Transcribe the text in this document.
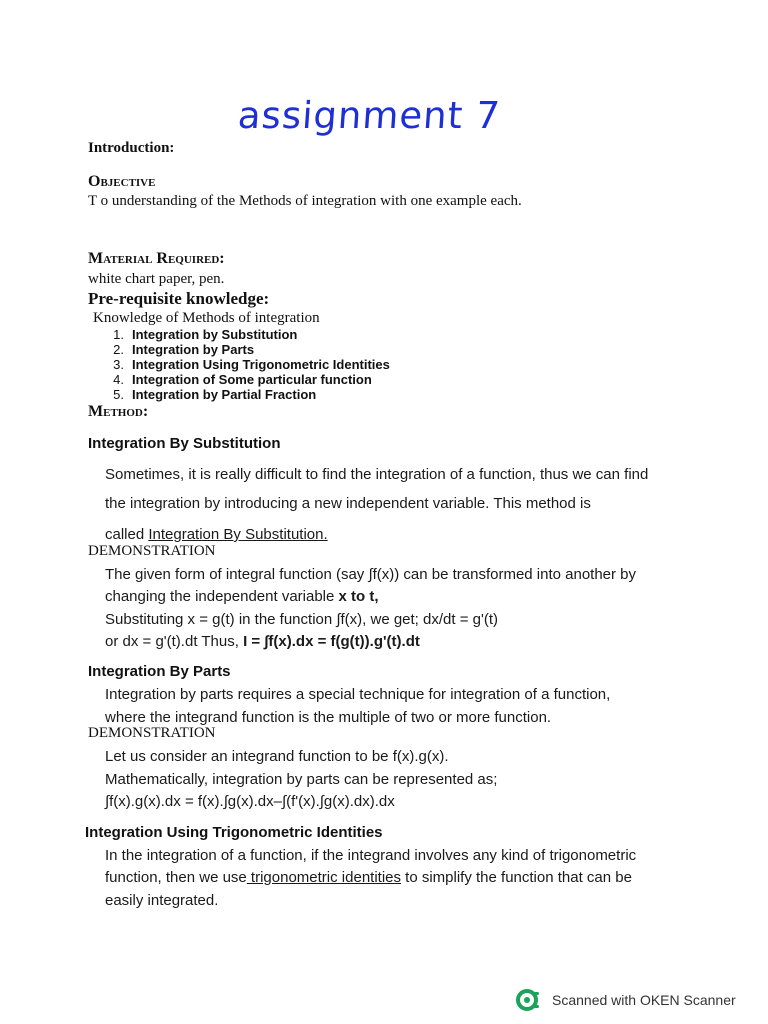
assignment 7
Introduction:
Objective
T o understanding of the Methods of integration with one example each.
Material Required:
white chart paper, pen.
Pre-requisite knowledge:
Knowledge of Methods of integration
1. Integration by Substitution
2. Integration by Parts
3. Integration Using Trigonometric Identities
4. Integration of Some particular function
5. Integration by Partial Fraction
Method:
Integration By Substitution
Sometimes, it is really difficult to find the integration of a function, thus we can find
the integration by introducing a new independent variable. This method is
called Integration By Substitution.
DEMONSTRATION
The given form of integral function (say ∫f(x)) can be transformed into another by
changing the independent variable x to t,
Substituting x = g(t) in the function ∫f(x), we get; dx/dt = g'(t)
or dx = g'(t).dt Thus, I = ∫f(x).dx = f(g(t)).g'(t).dt
Integration By Parts
Integration by parts requires a special technique for integration of a function,
where the integrand function is the multiple of two or more function.
DEMONSTRATION
Let us consider an integrand function to be f(x).g(x).
Mathematically, integration by parts can be represented as;
∫f(x).g(x).dx = f(x).∫g(x).dx–∫(f'(x).∫g(x).dx).dx
Integration Using Trigonometric Identities
In the integration of a function, if the integrand involves any kind of trigonometric
function, then we use trigonometric identities to simplify the function that can be
easily integrated.
Scanned with OKEN Scanner
